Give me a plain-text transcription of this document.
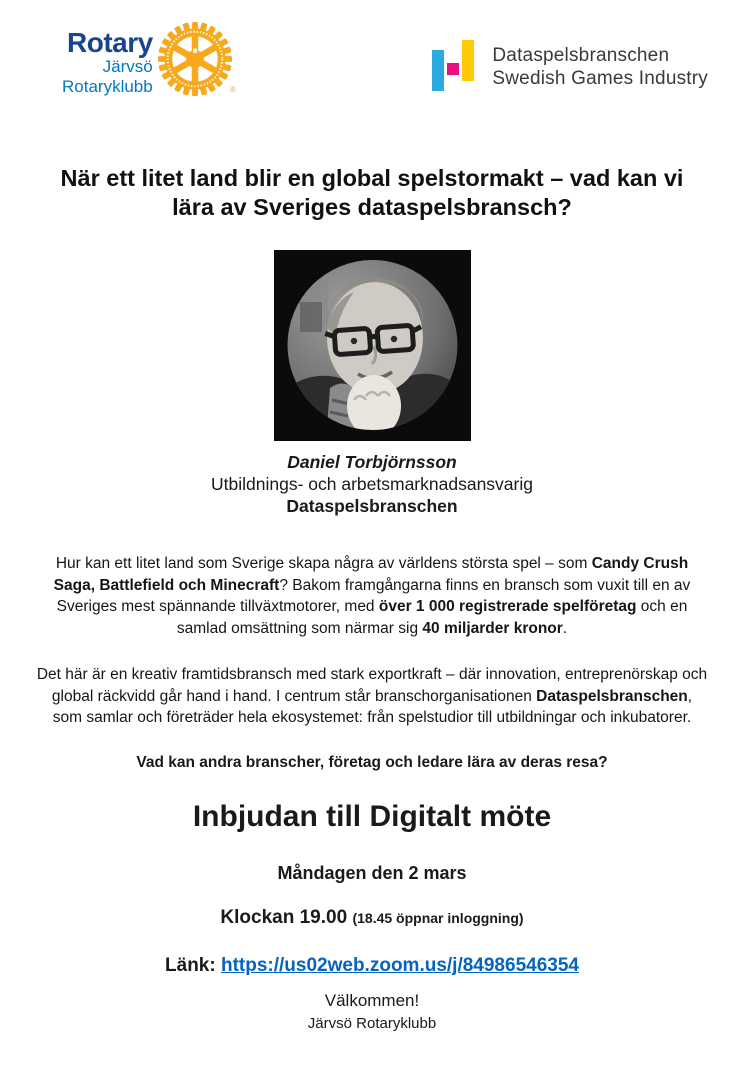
Rotary
Järvsö
Rotaryklubb	®
Dataspelsbranschen
Swedish Games Industry
När ett litet land blir en global spelstormakt – vad kan vi lära av Sveriges dataspelsbransch?
Daniel Torbjörnsson
Utbildnings- och arbetsmarknadsansvarig
Dataspelsbranschen
Hur kan ett litet land som Sverige skapa några av världens största spel – som Candy Crush Saga, Battlefield och Minecraft? Bakom framgångarna finns en bransch som vuxit till en av Sveriges mest spännande tillväxtmotorer, med över 1 000 registrerade spelföretag och en samlad omsättning som närmar sig 40 miljarder kronor.
Det här är en kreativ framtidsbransch med stark exportkraft – där innovation, entreprenörskap och global räckvidd går hand i hand. I centrum står branschorganisationen Dataspelsbranschen, som samlar och företräder hela ekosystemet: från spelstudior till utbildningar och inkubatorer.
Vad kan andra branscher, företag och ledare lära av deras resa?
Inbjudan till Digitalt möte
Måndagen den 2 mars
Klockan 19.00 (18.45 öppnar inloggning)
Länk: https://us02web.zoom.us/j/84986546354
Välkommen!
Järvsö Rotaryklubb
